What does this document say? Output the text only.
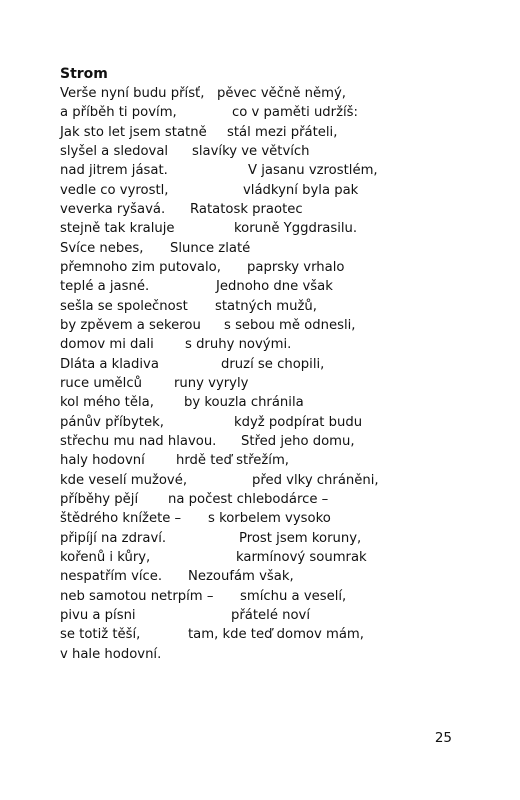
Strom
Verše nyní budu přísť, pěvec věčně němý,
a příběh ti povím,	co v paměti udržíš:
Jak sto let jsem statně stál mezi přáteli,
slyšel a sledoval slavíky ve větvích
nad jitrem jásat.	V jasanu vzrostlém,
vedle co vyrostl,	vládkyní byla pak
veverka ryšavá. Ratatosk praotec
stejně tak kraluje	koruně Yggdrasilu.
Svíce nebes, Slunce zlaté
přemnoho zim putovalo, paprsky vrhalo
teplé a jasné.	Jednoho dne však
sešla se společnost statných mužů,
by zpěvem a sekerou s sebou mě odnesli,
domov mi dali s druhy novými.
Dláta a kladiva	druzí se chopili,
ruce umělců runy vyryly
kol mého těla, by kouzla chránila
pánův příbytek,	když podpírat budu
střechu mu nad hlavou. Střed jeho domu,
haly hodovní hrdě teď střežím,
kde veselí mužové,	před vlky chráněni,
příběhy pějí na počest chlebodárce –
štědrého knížete – s korbelem vysoko
připíjí na zdraví.	Prost jsem koruny,
kořenů i kůry,	karmínový soumrak
nespatřím více. Nezoufám však,
neb samotou netrpím – smíchu a veselí,
pivu a písni	přátelé noví
se totiž těší,	tam, kde teď domov mám,
v hale hodovní.
25
